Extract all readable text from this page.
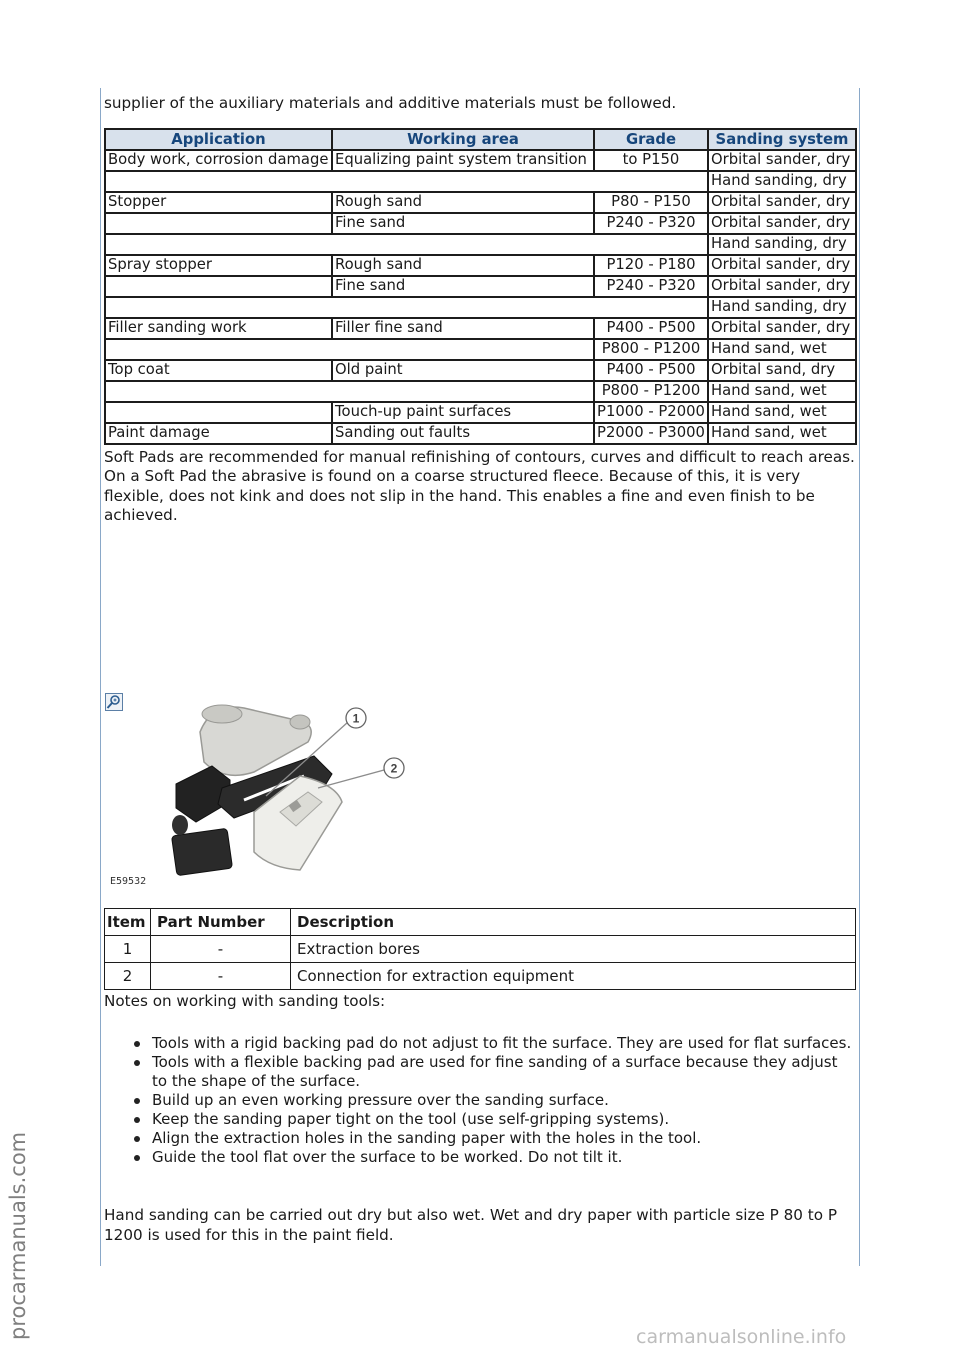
procarmanuals.com	carmanualsonline.info

supplier of the auxiliary materials and additive materials must be followed.

Application	Working area	Grade	Sanding system
Body work, corrosion damage	Equalizing paint system transition	to P150	Orbital sander, dry
			Hand sanding, dry
Stopper	Rough sand	P80 - P150	Orbital sander, dry
	Fine sand	P240 - P320	Orbital sander, dry
			Hand sanding, dry
Spray stopper	Rough sand	P120 - P180	Orbital sander, dry
	Fine sand	P240 - P320	Orbital sander, dry
			Hand sanding, dry
Filler sanding work	Filler fine sand	P400 - P500	Orbital sander, dry
		P800 - P1200	Hand sand, wet
Top coat	Old paint	P400 - P500	Orbital sand, dry
		P800 - P1200	Hand sand, wet
	Touch-up paint surfaces	P1000 - P2000	Hand sand, wet
Paint damage	Sanding out faults	P2000 - P3000	Hand sand, wet

Soft Pads are recommended for manual refinishing of contours, curves and difficult to reach areas. On a Soft Pad the abrasive is found on a coarse structured fleece. Because of this, it is very flexible, does not kink and does not slip in the hand. This enables a fine and even finish to be achieved.

1
2
E59532
Item	Part Number	Description
1	-	Extraction bores
2	-	Connection for extraction equipment

Notes on working with sanding tools:

Tools with a rigid backing pad do not adjust to fit the surface. They are used for flat surfaces.
Tools with a flexible backing pad are used for fine sanding of a surface because they adjust to the shape of the surface.
Build up an even working pressure over the sanding surface.
Keep the sanding paper tight on the tool (use self-gripping systems).
Align the extraction holes in the sanding paper with the holes in the tool.
Guide the tool flat over the surface to be worked. Do not tilt it.

Hand sanding can be carried out dry but also wet. Wet and dry paper with particle size P 80 to P 1200 is used for this in the paint field.
